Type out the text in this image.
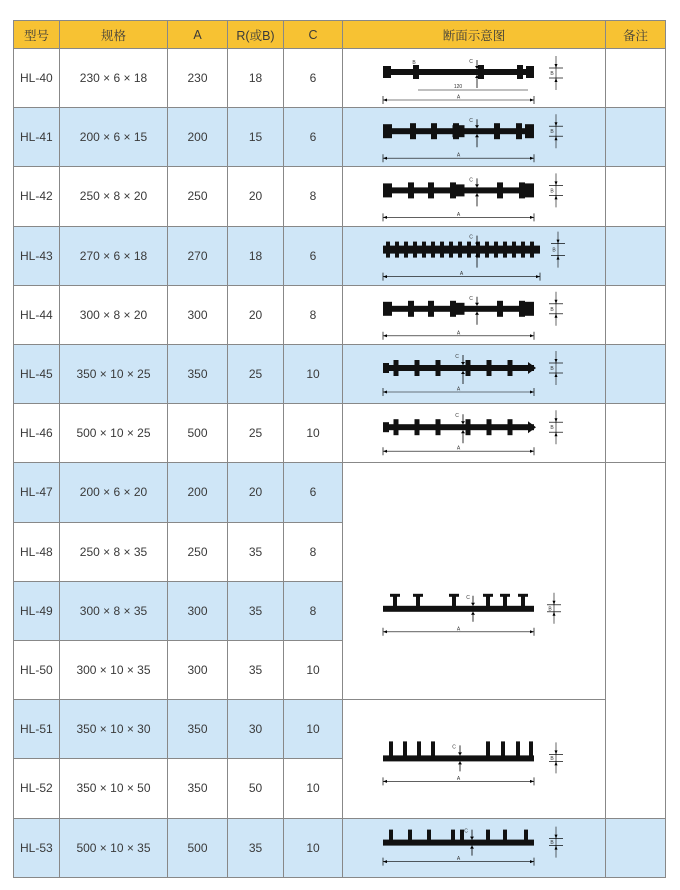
型号	规格	A	R(或B)	C	断面示意图	备注
HL-40	230 × 6 × 18	230	18	6
HL-41	200 × 6 × 15	200	15	6
HL-42	250 × 8 × 20	250	20	8
HL-43	270 × 6 × 18	270	18	6
HL-44	300 × 8 × 20	300	20	8
HL-45	350 × 10 × 25	350	25	10
HL-46	500 × 10 × 25	500	25	10
HL-47	200 × 6 × 20	200	20	6
HL-48	250 × 8 × 35	250	35	8
HL-49	300 × 8 × 35	300	35	8
HL-50	300 × 10 × 35	300	35	10
HL-51	350 × 10 × 30	350	30	10
HL-52	350 × 10 × 50	350	50	10
HL-53	500 × 10 × 35	500	35	10
B	C
120
A
B
C
A
B
C
A
B
C
A
B
C
A
B
C
A
B
C
A
B
C
A
B
C
A
B
C
A
B
